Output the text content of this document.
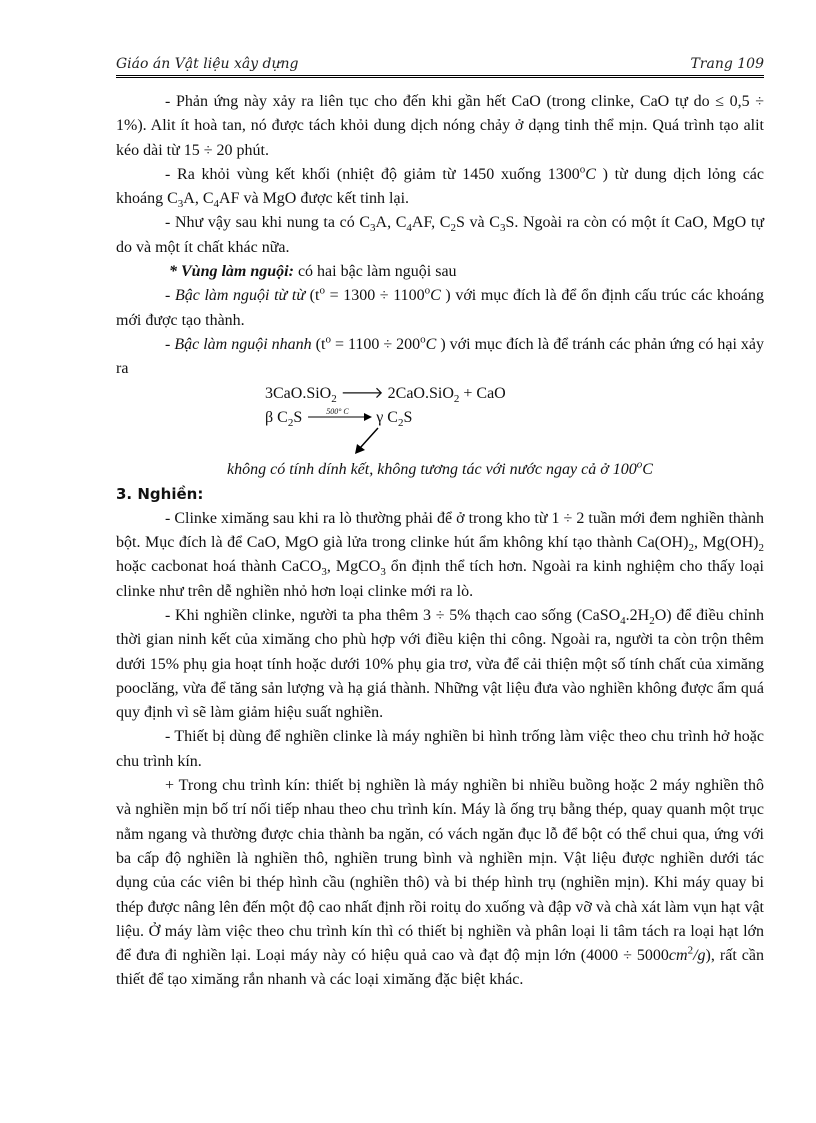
Giáo án Vật liệu xây dựng	Trang 109

- Phản ứng này xảy ra liên tục cho đến khi gần hết CaO (trong clinke, CaO tự do ≤ 0,5 ÷ 1%). Alit ít hoà tan, nó được tách khỏi dung dịch nóng chảy ở dạng tinh thể mịn. Quá trình tạo alit kéo dài từ 15 ÷ 20 phút.

- Ra khỏi vùng kết khối (nhiệt độ giảm từ 1450 xuống 1300$^o$C ) từ dung dịch lỏng các khoáng $C_3A$, $C_4AF$ và MgO được kết tinh lại.

- Như vậy sau khi nung ta có $C_3A$, $C_4AF$, $C_2S$ và $C_3S$. Ngoài ra còn có một ít CaO, MgO tự do và một ít chất khác nữa.

* Vùng làm nguội: có hai bậc làm nguội sau

- Bậc làm nguội từ từ ($t^o = 1300 \div 1100^oC$ ) với mục đích là để ổn định cấu trúc các khoáng mới được tạo thành.

- Bậc làm nguội nhanh ($t^o = 1100 \div 200^oC$ ) với mục đích là để tránh các phản ứng có hại xảy ra

3CaO.SiO$_2$ 🡒 2CaO.SiO$_2$ + CaO

β $C_2S$	500° C γ $C_2S$

không có tính dính kết, không tương tác với nước ngay cả ở 100$^o$C

3. Nghiền:

- Clinke ximăng sau khi ra lò thường phải để ở trong kho từ 1 ÷ 2 tuần mới đem nghiền thành bột. Mục đích là để CaO, MgO già lửa trong clinke hút ẩm không khí tạo thành $Ca(OH)_2$, $Mg(OH)_2$ hoặc cacbonat hoá thành CaCO$_3$, MgCO$_3$ ổn định thể tích hơn. Ngoài ra kinh nghiệm cho thấy loại clinke như trên dễ nghiền nhỏ hơn loại clinke mới ra lò.

- Khi nghiền clinke, người ta pha thêm 3 ÷ 5% thạch cao sống $(CaSO_4.2H_2O)$ để điều chỉnh thời gian ninh kết của ximăng cho phù hợp với điều kiện thi công. Ngoài ra, người ta còn trộn thêm dưới 15% phụ gia hoạt tính hoặc dưới 10% phụ gia trơ, vừa để cải thiện một số tính chất của ximăng pooclăng, vừa để tăng sản lượng và hạ giá thành. Những vật liệu đưa vào nghiền không được ẩm quá quy định vì sẽ làm giảm hiệu suất nghiền.

- Thiết bị dùng để nghiền clinke là máy nghiền bi hình trống làm việc theo chu trình hở hoặc chu trình kín.

+ Trong chu trình kín: thiết bị nghiền là máy nghiền bi nhiều buồng hoặc 2 máy nghiền thô và nghiền mịn bố trí nối tiếp nhau theo chu trình kín. Máy là ống trụ bằng thép, quay quanh một trục nằm ngang và thường được chia thành ba ngăn, có vách ngăn đục lỗ để bột có thể chui qua, ứng với ba cấp độ nghiền là nghiền thô, nghiền trung bình và nghiền mịn. Vật liệu được nghiền dưới tác dụng của các viên bi thép hình cầu (nghiền thô) và bi thép hình trụ (nghiền mịn). Khi máy quay bi thép được nâng lên đến một độ cao nhất định rồi roitụ do xuống và đập vỡ và chà xát làm vụn hạt vật liệu. Ở máy làm việc theo chu trình kín thì có thiết bị nghiền và phân loại li tâm tách ra loại hạt lớn để đưa đi nghiền lại. Loại máy này có hiệu quả cao và đạt độ mịn lớn $(4000 \div 5000cm^2/g)$, rất cần thiết để tạo ximăng rắn nhanh và các loại ximăng đặc biệt khác.
